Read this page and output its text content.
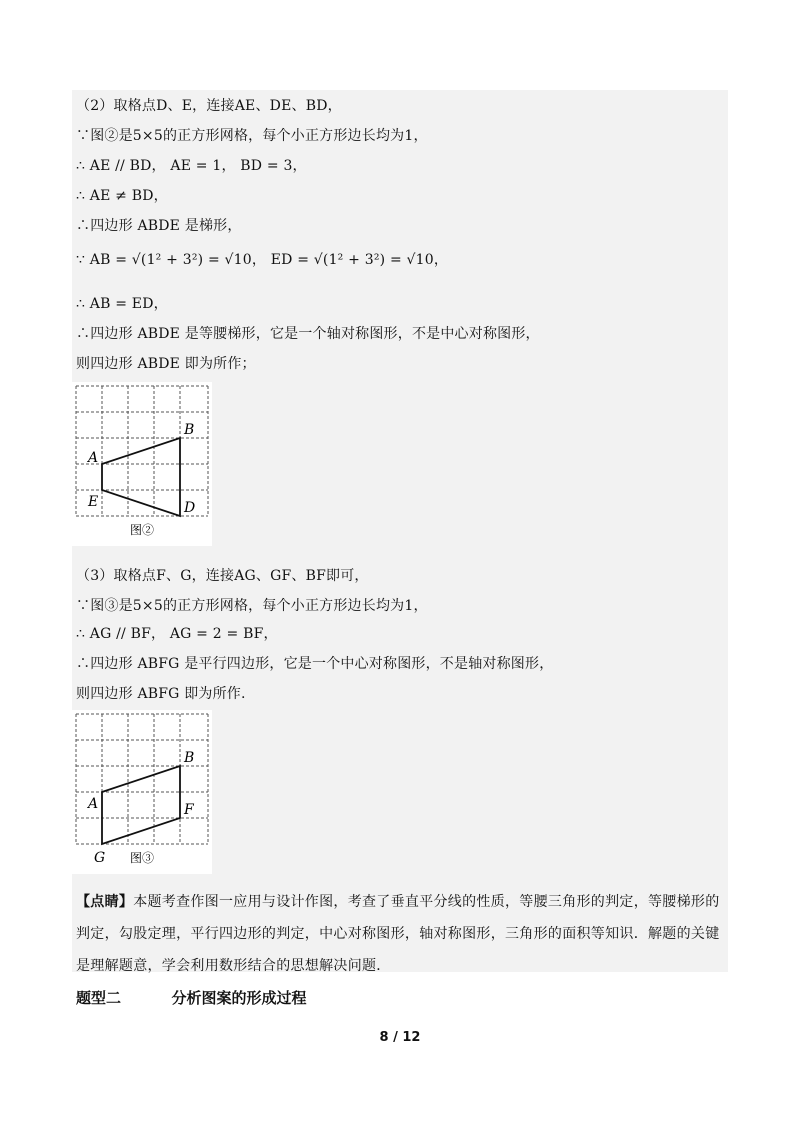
（2）取格点D、E，连接AE、DE、BD，
∵图②是5×5的正方形网格，每个小正方形边长均为1，
∴ AE // BD， AE = 1， BD = 3，
∴ AE ≠ BD，
∴四边形 ABDE 是梯形，
∵ AB = √(1² + 3²) = √10， ED = √(1² + 3²) = √10，
∴ AB = ED，
∴四边形 ABDE 是等腰梯形，它是一个轴对称图形，不是中心对称图形，
则四边形 ABDE 即为所作；
A
B
D
E
图②
（3）取格点F、G，连接AG、GF、BF即可，
∵图③是5×5的正方形网格，每个小正方形边长均为1，
∴ AG // BF， AG = 2 = BF，
∴四边形 ABFG 是平行四边形，它是一个中心对称图形，不是轴对称图形，
则四边形 ABFG 即为所作.
A
B
F
G 图③
【点睛】本题考查作图一应用与设计作图，考查了垂直平分线的性质，等腰三角形的判定，等腰梯形的判定，勾股定理，平行四边形的判定，中心对称图形，轴对称图形，三角形的面积等知识．解题的关键是理解题意，学会利用数形结合的思想解决问题．
题型二	分析图案的形成过程
8 / 12
